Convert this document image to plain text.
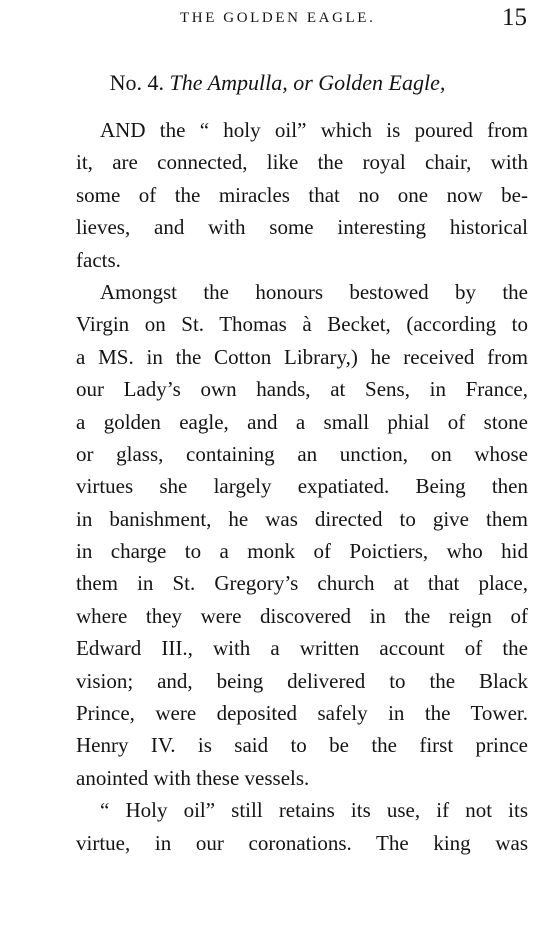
THE GOLDEN EAGLE.	15
No. 4. The Ampulla, or Golden Eagle,
AND the “ holy oil” which is poured from
it, are connected, like the royal chair, with
some of the miracles that no one now be-
lieves, and with some interesting historical
facts.
Amongst the honours bestowed by the
Virgin on St. Thomas à Becket, (according to
a MS. in the Cotton Library,) he received from
our Lady’s own hands, at Sens, in France,
a golden eagle, and a small phial of stone
or glass, containing an unction, on whose
virtues she largely expatiated. Being then
in banishment, he was directed to give them
in charge to a monk of Poictiers, who hid
them in St. Gregory’s church at that place,
where they were discovered in the reign of
Edward III., with a written account of the
vision; and, being delivered to the Black
Prince, were deposited safely in the Tower.
Henry IV. is said to be the first prince
anointed with these vessels.
“ Holy oil” still retains its use, if not its
virtue, in our coronations. The king was
